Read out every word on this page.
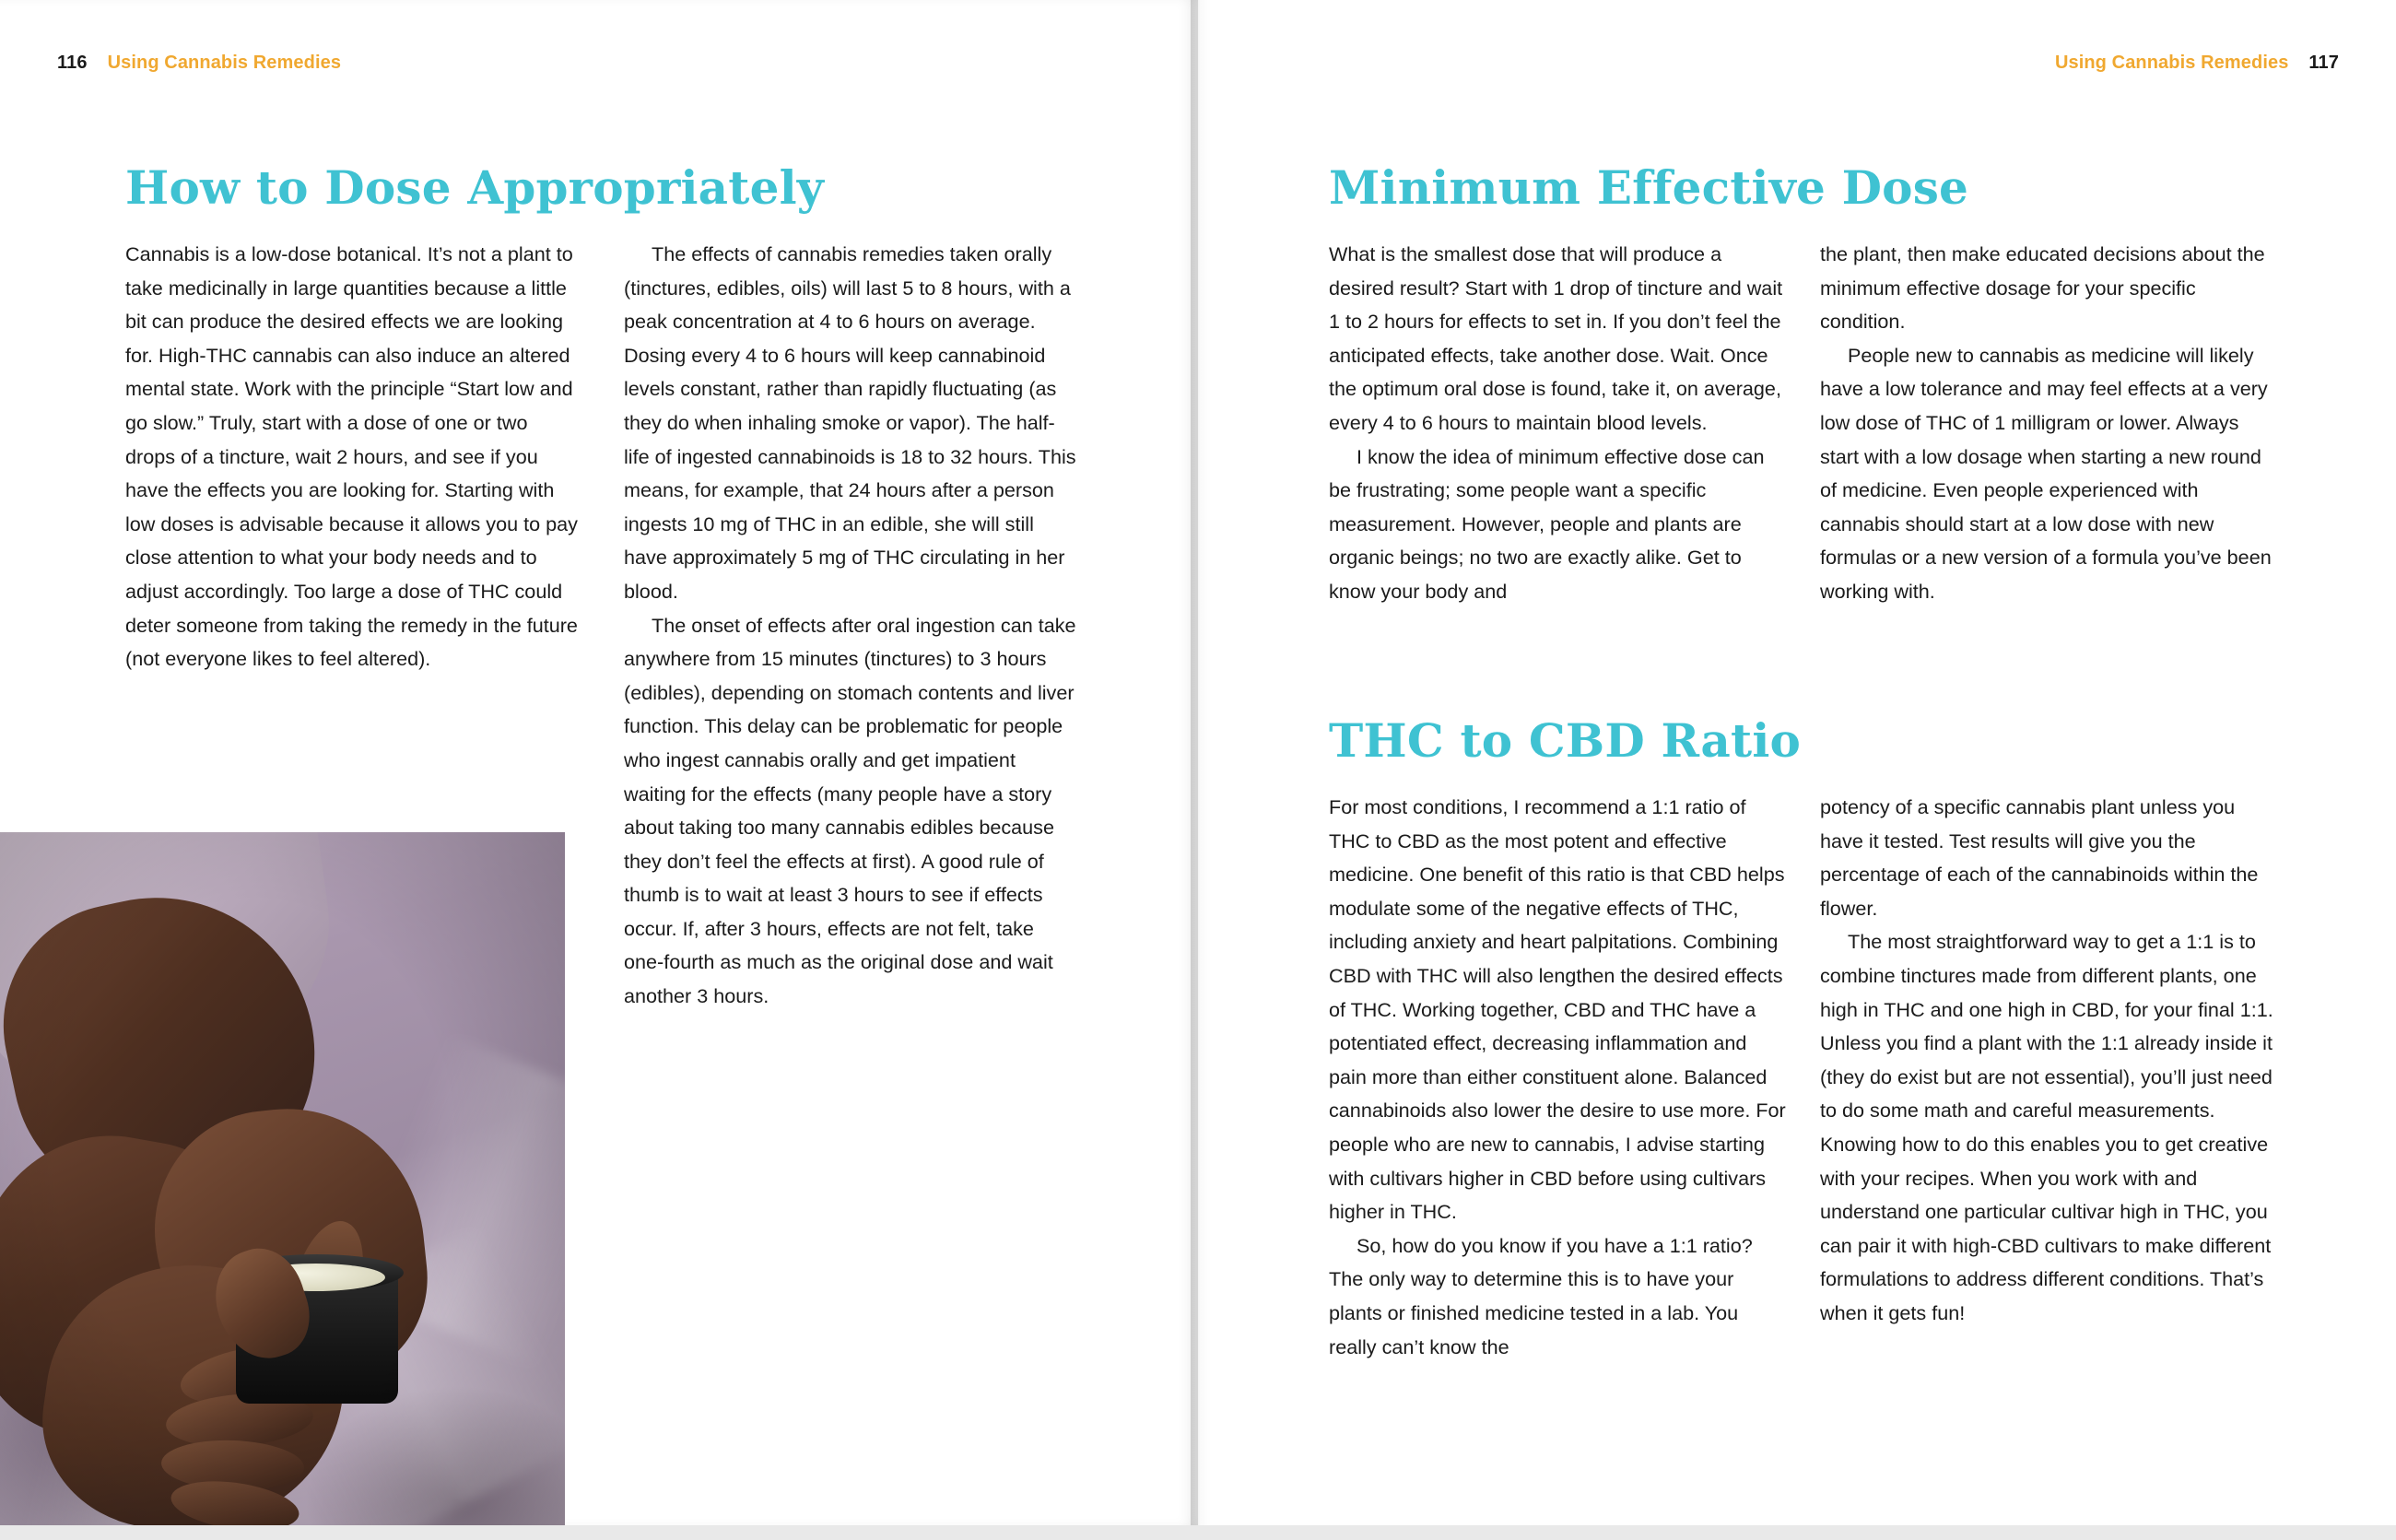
116 Using Cannabis Remedies	Using Cannabis Remedies 117
How to Dose Appropriately

Cannabis is a low-dose botanical. It’s not a plant to take medicinally in large quantities because a little bit can produce the desired effects we are looking for. High-THC cannabis can also induce an altered mental state. Work with the principle “Start low and go slow.” Truly, start with a dose of one or two drops of a tincture, wait 2 hours, and see if you have the effects you are looking for. Starting with low doses is advisable because it allows you to pay close attention to what your body needs and to adjust accordingly. Too large a dose of THC could deter someone from taking the remedy in the future (not everyone likes to feel altered).

The effects of cannabis remedies taken orally (tinctures, edibles, oils) will last 5 to 8 hours, with a peak concentration at 4 to 6 hours on average. Dosing every 4 to 6 hours will keep cannabinoid levels constant, rather than rapidly fluctuating (as they do when inhaling smoke or vapor). The half-life of ingested cannabinoids is 18 to 32 hours. This means, for example, that 24 hours after a person ingests 10 mg of THC in an edible, she will still have approximately 5 mg of THC circulating in her blood.

The onset of effects after oral ingestion can take anywhere from 15 minutes (tinctures) to 3 hours (edibles), depending on stomach contents and liver function. This delay can be problematic for people who ingest cannabis orally and get impatient waiting for the effects (many people have a story about taking too many cannabis edibles because they don’t feel the effects at first). A good rule of thumb is to wait at least 3 hours to see if effects occur. If, after 3 hours, effects are not felt, take one-fourth as much as the original dose and wait another 3 hours.

Minimum Effective Dose

What is the smallest dose that will produce a desired result? Start with 1 drop of tincture and wait 1 to 2 hours for effects to set in. If you don’t feel the anticipated effects, take another dose. Wait. Once the optimum oral dose is found, take it, on average, every 4 to 6 hours to maintain blood levels.

I know the idea of minimum effective dose can be frustrating; some people want a specific measurement. However, people and plants are organic beings; no two are exactly alike. Get to know your body and

the plant, then make educated decisions about the minimum effective dosage for your specific condition.

People new to cannabis as medicine will likely have a low tolerance and may feel effects at a very low dose of THC of 1 milligram or lower. Always start with a low dosage when starting a new round of medicine. Even people experienced with cannabis should start at a low dose with new formulas or a new version of a formula you’ve been working with.

THC to CBD Ratio

For most conditions, I recommend a 1:1 ratio of THC to CBD as the most potent and effective medicine. One benefit of this ratio is that CBD helps modulate some of the negative effects of THC, including anxiety and heart palpitations. Combining CBD with THC will also lengthen the desired effects of THC. Working together, CBD and THC have a potentiated effect, decreasing inflammation and pain more than either constituent alone. Balanced cannabinoids also lower the desire to use more. For people who are new to cannabis, I advise starting with cultivars higher in CBD before using cultivars higher in THC.

So, how do you know if you have a 1:1 ratio? The only way to determine this is to have your plants or finished medicine tested in a lab. You really can’t know the

potency of a specific cannabis plant unless you have it tested. Test results will give you the percentage of each of the cannabinoids within the flower.

The most straightforward way to get a 1:1 is to combine tinctures made from different plants, one high in THC and one high in CBD, for your final 1:1. Unless you find a plant with the 1:1 already inside it (they do exist but are not essential), you’ll just need to do some math and careful measurements. Knowing how to do this enables you to get creative with your recipes. When you work with and understand one particular cultivar high in THC, you can pair it with high-CBD cultivars to make different formulations to address different conditions. That’s when it gets fun!
